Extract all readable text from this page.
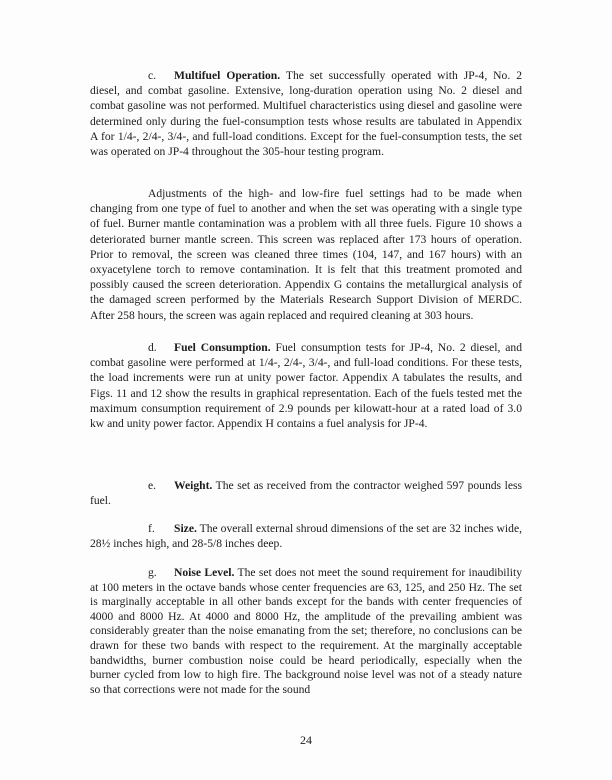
c. Multifuel Operation. The set successfully operated with JP-4, No. 2 diesel, and combat gasoline. Extensive, long-duration operation using No. 2 diesel and combat gasoline was not performed. Multifuel characteristics using diesel and gasoline were determined only during the fuel-consumption tests whose results are tabulated in Appendix A for 1/4-, 2/4-, 3/4-, and full-load conditions. Except for the fuel-consumption tests, the set was operated on JP-4 throughout the 305-hour testing program.

Adjustments of the high- and low-fire fuel settings had to be made when changing from one type of fuel to another and when the set was operating with a single type of fuel. Burner mantle contamination was a problem with all three fuels. Figure 10 shows a deteriorated burner mantle screen. This screen was replaced after 173 hours of operation. Prior to removal, the screen was cleaned three times (104, 147, and 167 hours) with an oxyacetylene torch to remove contamination. It is felt that this treatment promoted and possibly caused the screen deterioration. Appendix G contains the metallurgical analysis of the damaged screen performed by the Materials Research Support Division of MERDC. After 258 hours, the screen was again replaced and required cleaning at 303 hours.

d. Fuel Consumption. Fuel consumption tests for JP-4, No. 2 diesel, and combat gasoline were performed at 1/4-, 2/4-, 3/4-, and full-load conditions. For these tests, the load increments were run at unity power factor. Appendix A tabulates the results, and Figs. 11 and 12 show the results in graphical representation. Each of the fuels tested met the maximum consumption requirement of 2.9 pounds per kilowatt-hour at a rated load of 3.0 kw and unity power factor. Appendix H contains a fuel analysis for JP-4.

e. Weight. The set as received from the contractor weighed 597 pounds less fuel.

f. Size. The overall external shroud dimensions of the set are 32 inches wide, 28½ inches high, and 28-5/8 inches deep.

g. Noise Level. The set does not meet the sound requirement for inaudibility at 100 meters in the octave bands whose center frequencies are 63, 125, and 250 Hz. The set is marginally acceptable in all other bands except for the bands with center frequencies of 4000 and 8000 Hz. At 4000 and 8000 Hz, the amplitude of the prevailing ambient was considerably greater than the noise emanating from the set; therefore, no conclusions can be drawn for these two bands with respect to the requirement. At the marginally acceptable bandwidths, burner combustion noise could be heard periodically, especially when the burner cycled from low to high fire. The background noise level was not of a steady nature so that corrections were not made for the sound

24
